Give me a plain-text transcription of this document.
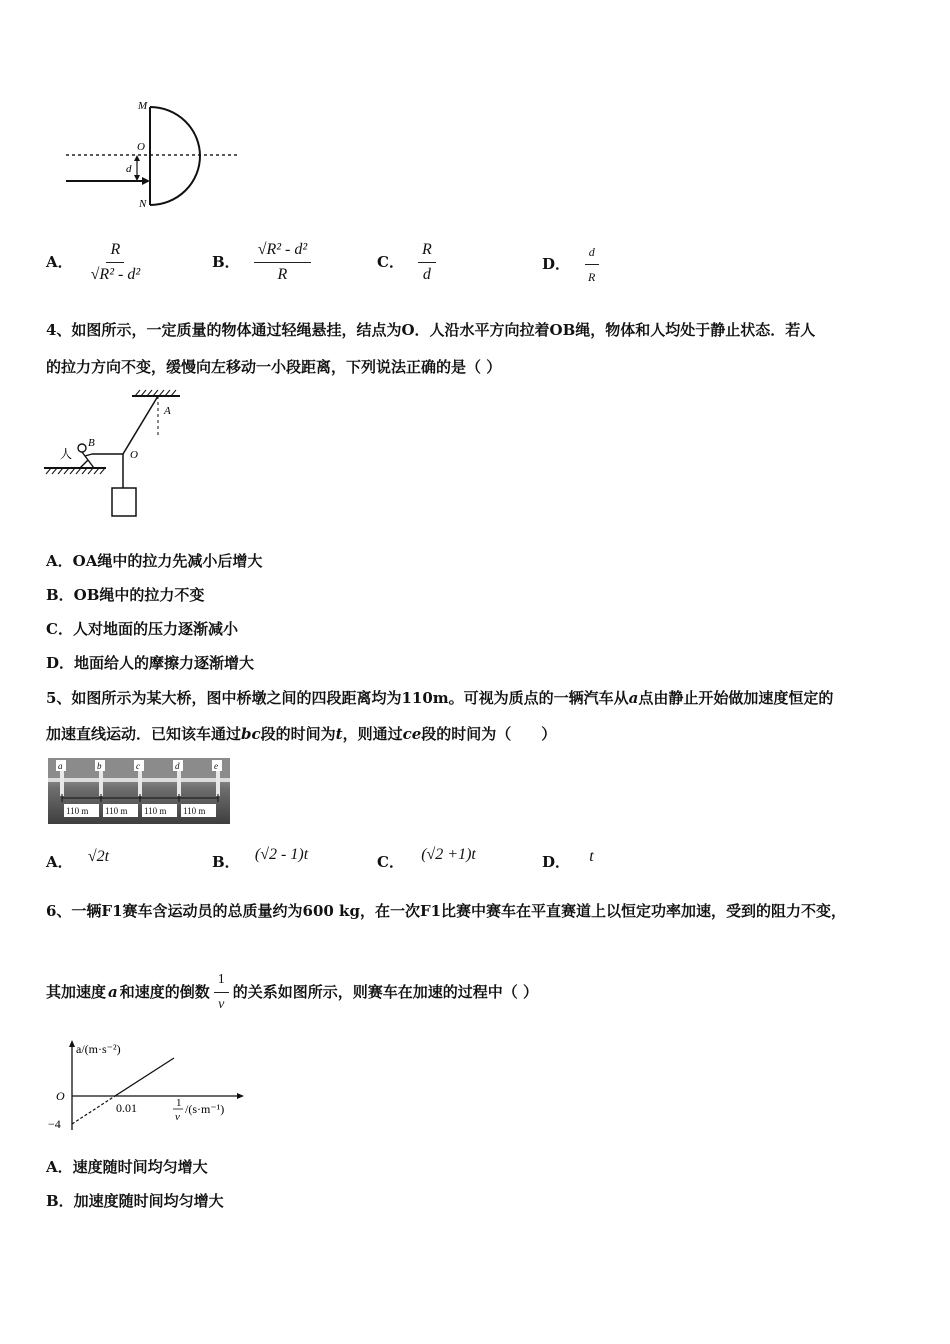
M
O
d
N
A． $\frac{R}{\text{√R² - d²}}$	B． $\frac{\text{√R² - d²}}{R}$	C． $\frac{R}{d}$	D． $\frac{d}{R}$
4、如图所示，一定质量的物体通过轻绳悬挂，结点为O．人沿水平方向拉着OB绳，物体和人均处于静止状态．若人
的拉力方向不变，缓慢向左移动一小段距离，下列说法正确的是（ ）
人
B
O
A
A．OA绳中的拉力先减小后增大
B．OB绳中的拉力不变
C．人对地面的压力逐渐减小
D．地面给人的摩擦力逐渐增大
5、如图所示为某大桥，图中桥墩之间的四段距离均为110m。可视为质点的一辆汽车从a点由静止开始做加速度恒定的
加速直线运动．已知该车通过bc段的时间为t，则通过ce段的时间为（　　）
a	b	c	d	e
110 m 110 m 110 m 110 m
A． √2t	B． (√2 - 1)t	C． (√2 +1)t	D． t
6、一辆F1赛车含运动员的总质量约为600 kg，在一次F1比赛中赛车在平直赛道上以恒定功率加速，受到的阻力不变，
其加速度 a 和速度的倒数 $\frac{1}{v}$ 的关系如图所示，则赛车在加速的过程中（ ）
a/(m·s⁻²)
O
−4
0.01	1
v
/(s·m⁻¹)
A．速度随时间均匀增大
B．加速度随时间均匀增大
